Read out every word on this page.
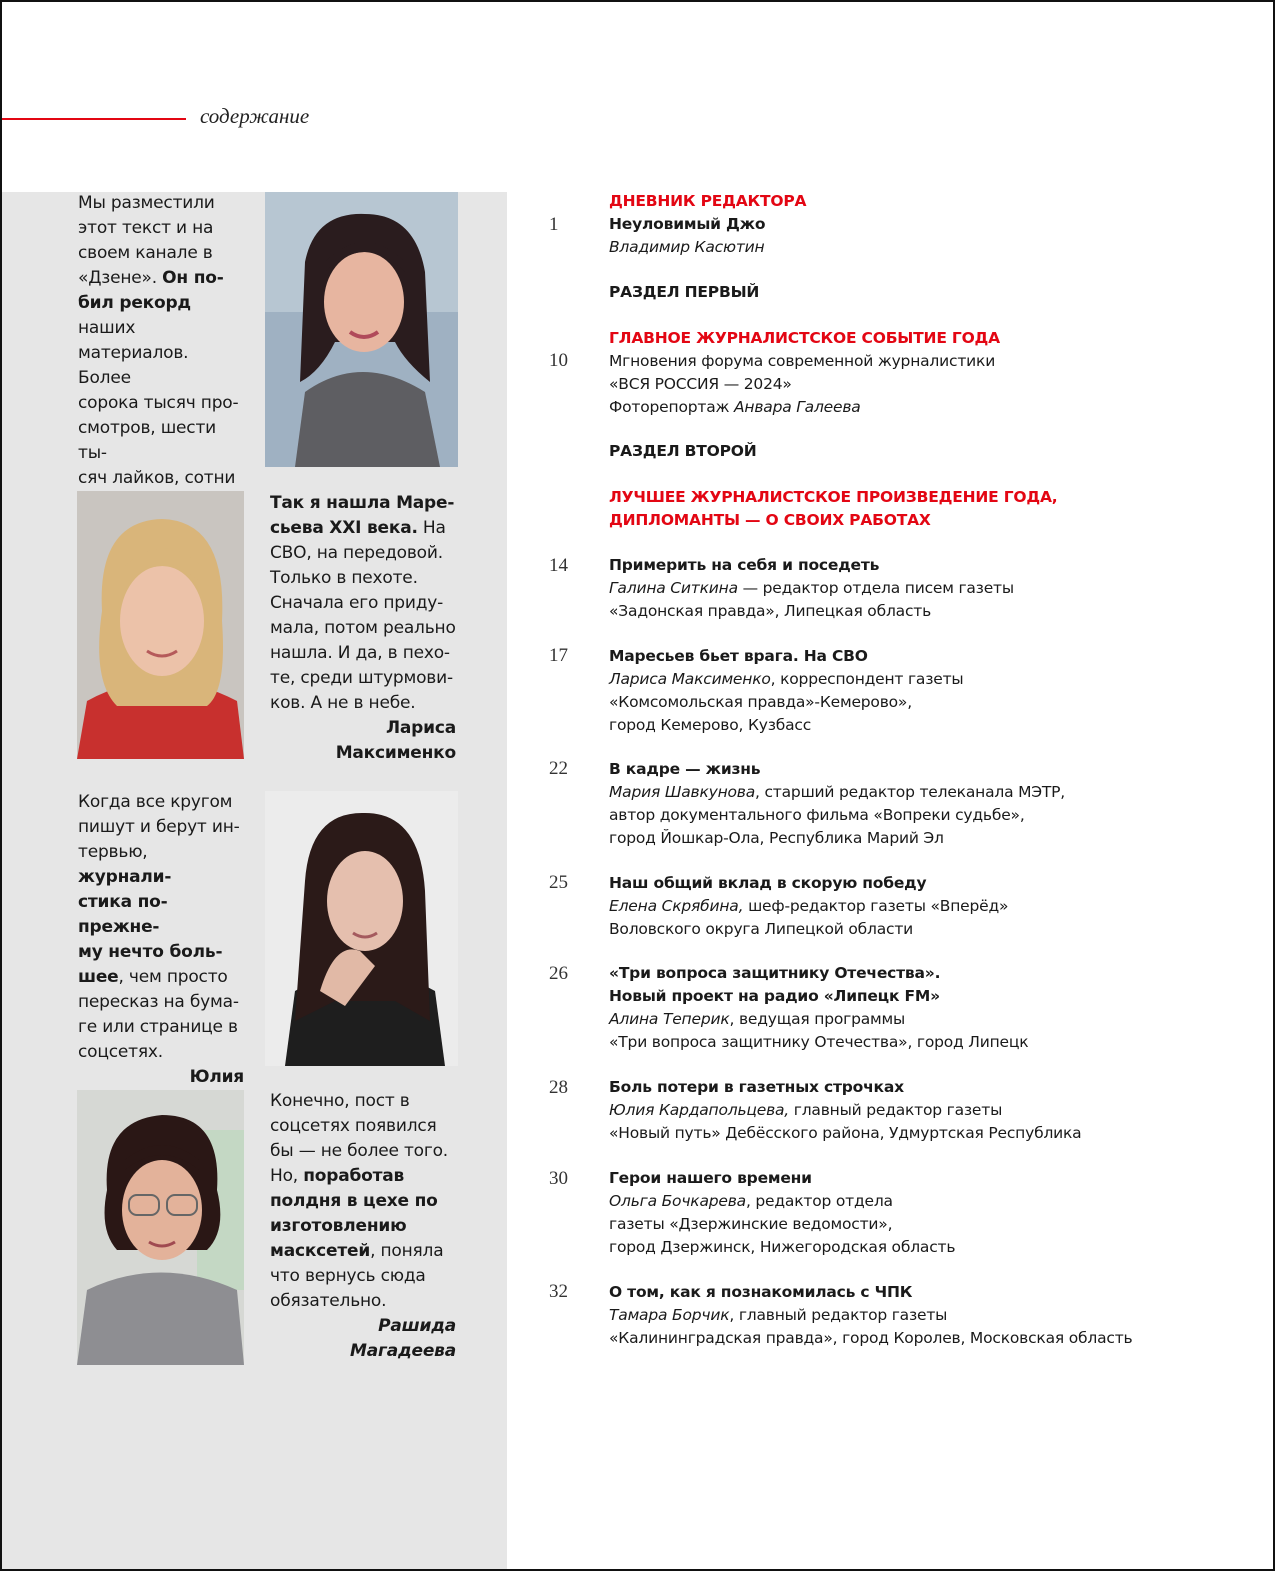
содержание
Мы разместили
этот текст и на
своем канале в
«Дзене». Он по-
бил рекорд наших
материалов. Более
сорока тысяч про-
смотров, шести ты-
сяч лайков, сотни
Так я нашла Маре-
сьева XXI века. На
СВО, на передовой.
Только в пехоте.
Сначала его приду-
мала, потом реально
нашла. И да, в пехо-
те, среди штурмови-
ков. А не в небе.
Лариса
Максименко
Когда все кругом
пишут и берут ин-
тервью, журнали-
стика по-прежне-
му нечто боль-
шее, чем просто
пересказ на бума-
ге или странице в
соцсетях.
Юлия
Конечно, пост в
соцсетях появился
бы — не более того.
Но, поработав
полдня в цехе по
изготовлению
масксетей, поняла
что вернусь сюда
обязательно.
Рашида
Магадеева
ДНЕВНИК РЕДАКТОРА
1	Неуловимый Джо
Владимир Касютин
РАЗДЕЛ ПЕРВЫЙ
ГЛАВНОЕ ЖУРНАЛИСТСКОЕ СОБЫТИЕ ГОДА
10	Мгновения форума современной журналистики
«ВСЯ РОССИЯ — 2024»
Фоторепортаж Анвара Галеева
РАЗДЕЛ ВТОРОЙ
ЛУЧШЕЕ ЖУРНАЛИСТСКОЕ ПРОИЗВЕДЕНИЕ ГОДА,
ДИПЛОМАНТЫ — О СВОИХ РАБОТАХ
14	Примерить на себя и поседеть
Галина Ситкина — редактор отдела писем газеты
«Задонская правда», Липецкая область
17	Маресьев бьет врага. На СВО
Лариса Максименко, корреспондент газеты
«Комсомольская правда»-Кемерово»,
город Кемерово, Кузбасс
22	В кадре — жизнь
Мария Шавкунова, старший редактор телеканала МЭТР,
автор документального фильма «Вопреки судьбе»,
город Йошкар-Ола, Республика Марий Эл
25	Наш общий вклад в скорую победу
Елена Скрябина, шеф-редактор газеты «Вперёд»
Воловского округа Липецкой области
26	«Три вопроса защитнику Отечества».
Новый проект на радио «Липецк FM»
Алина Теперик, ведущая программы
«Три вопроса защитнику Отечества», город Липецк
28	Боль потери в газетных строчках
Юлия Кардапольцева, главный редактор газеты
«Новый путь» Дебёсского района, Удмуртская Республика
30	Герои нашего времени
Ольга Бочкарева, редактор отдела
газеты «Дзержинские ведомости»,
город Дзержинск, Нижегородская область
32	О том, как я познакомилась с ЧПК
Тамара Борчик, главный редактор газеты
«Калининградская правда», город Королев, Московская область
